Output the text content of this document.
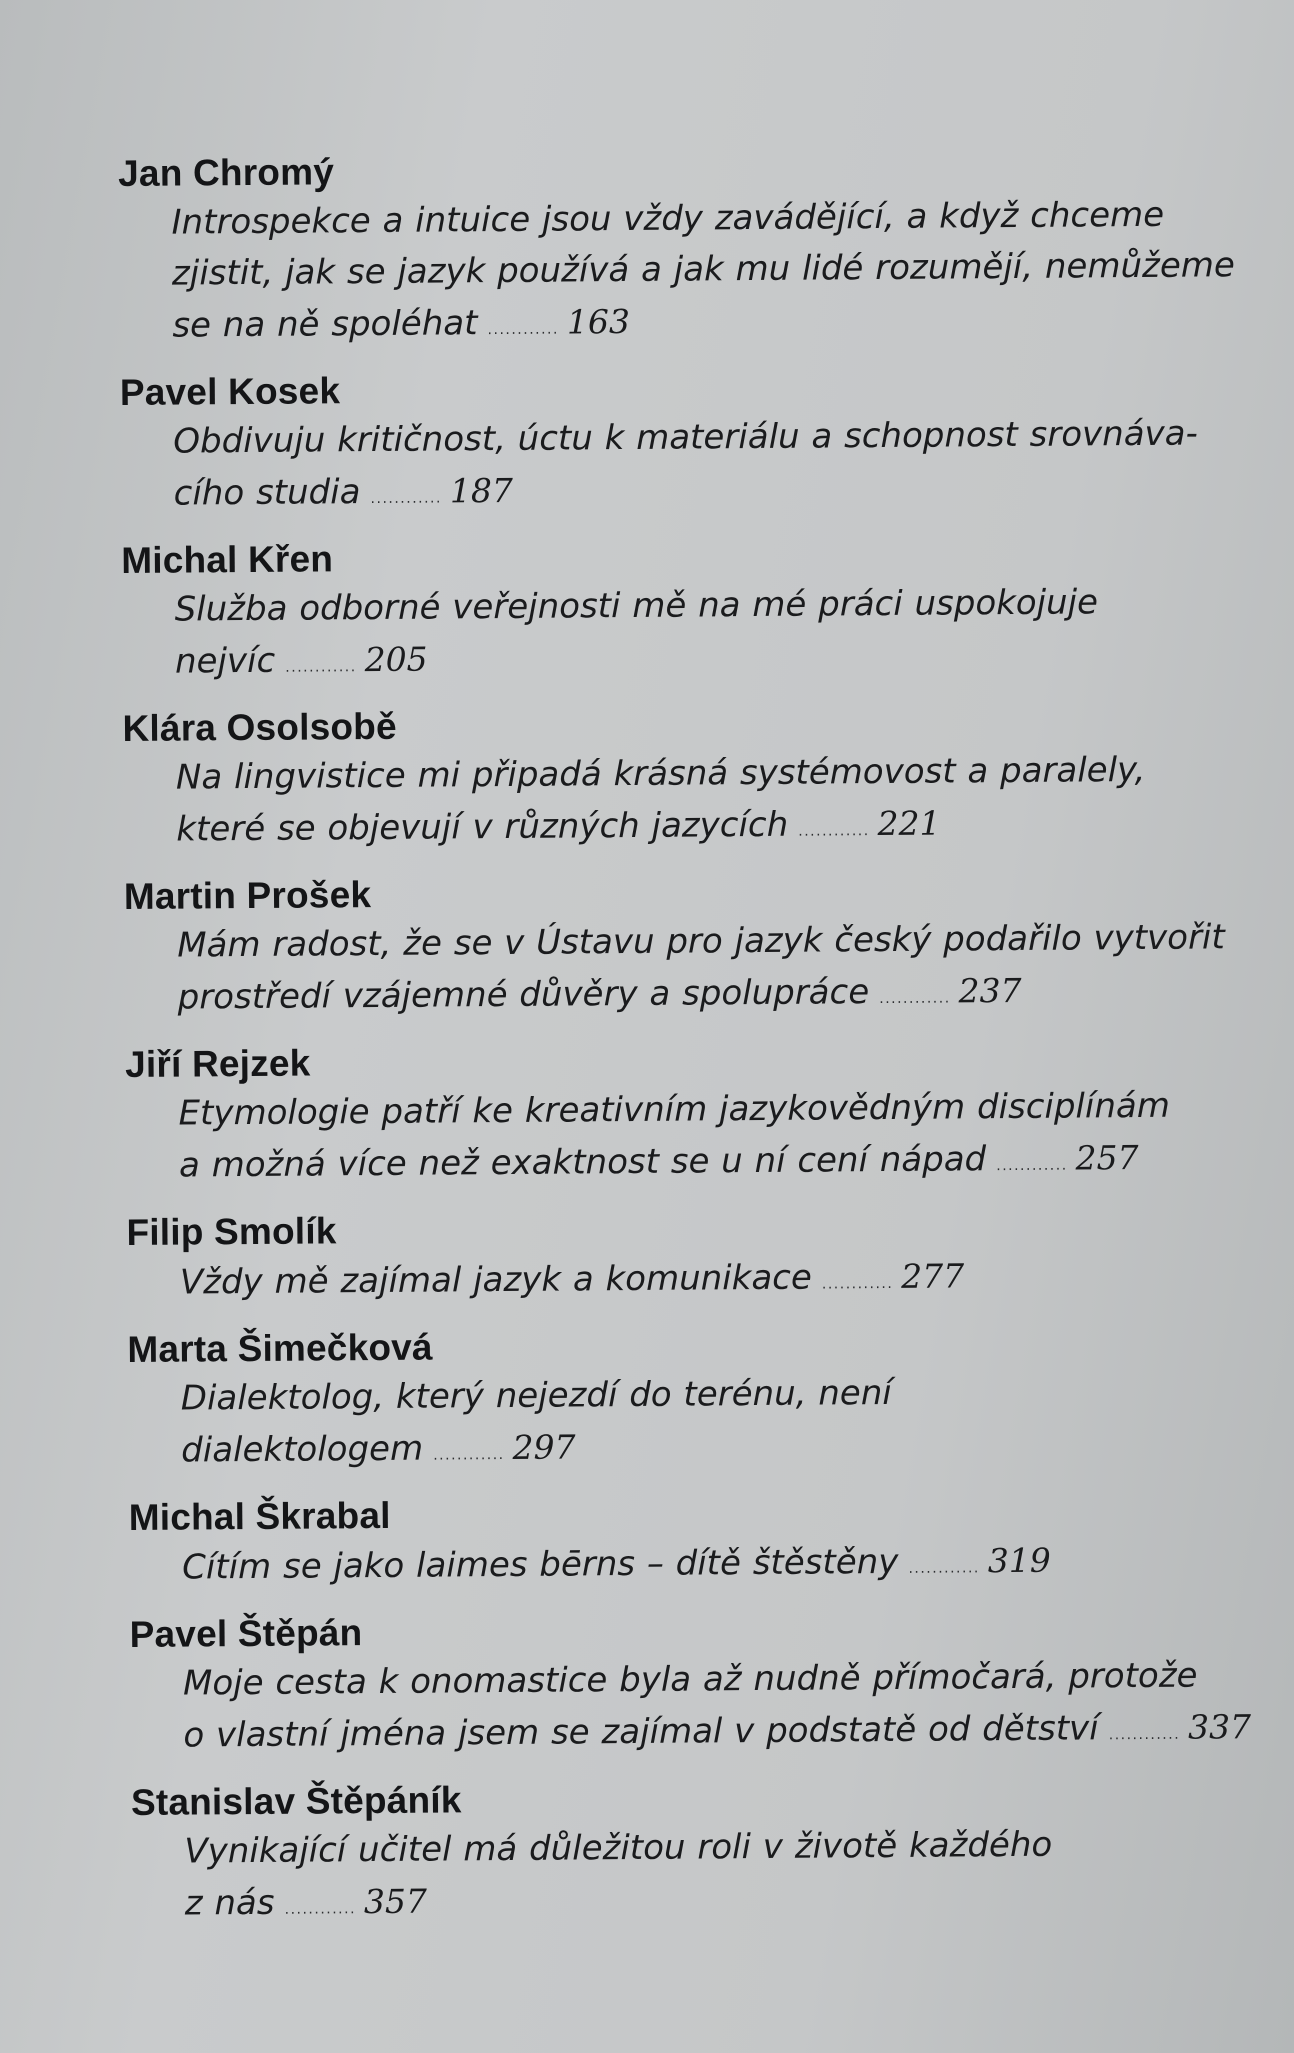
Jan Chromý

Introspekce a intuice jsou vždy zavádějící, a když chceme

zjistit, jak se jazyk používá a jak mu lidé rozumějí, nemůžeme

se na ně spoléhat ............ 163

Pavel Kosek

Obdivuju kritičnost, úctu k materiálu a schopnost srovnáva-

cího studia ............ 187

Michal Křen

Služba odborné veřejnosti mě na mé práci uspokojuje

nejvíc ............ 205

Klára Osolsobě

Na lingvistice mi připadá krásná systémovost a paralely,

které se objevují v různých jazycích ............ 221

Martin Prošek

Mám radost, že se v Ústavu pro jazyk český podařilo vytvořit

prostředí vzájemné důvěry a spolupráce ............ 237

Jiří Rejzek

Etymologie patří ke kreativním jazykovědným disciplínám

a možná více než exaktnost se u ní cení nápad ............ 257

Filip Smolík

Vždy mě zajímal jazyk a komunikace ............ 277

Marta Šimečková

Dialektolog, který nejezdí do terénu, není

dialektologem ............ 297

Michal Škrabal

Cítím se jako laimes bērns – dítě štěstěny ............ 319

Pavel Štěpán

Moje cesta k onomastice byla až nudně přímočará, protože

o vlastní jména jsem se zajímal v podstatě od dětství ............ 337

Stanislav Štěpáník

Vynikající učitel má důležitou roli v životě každého

z nás ............ 357
